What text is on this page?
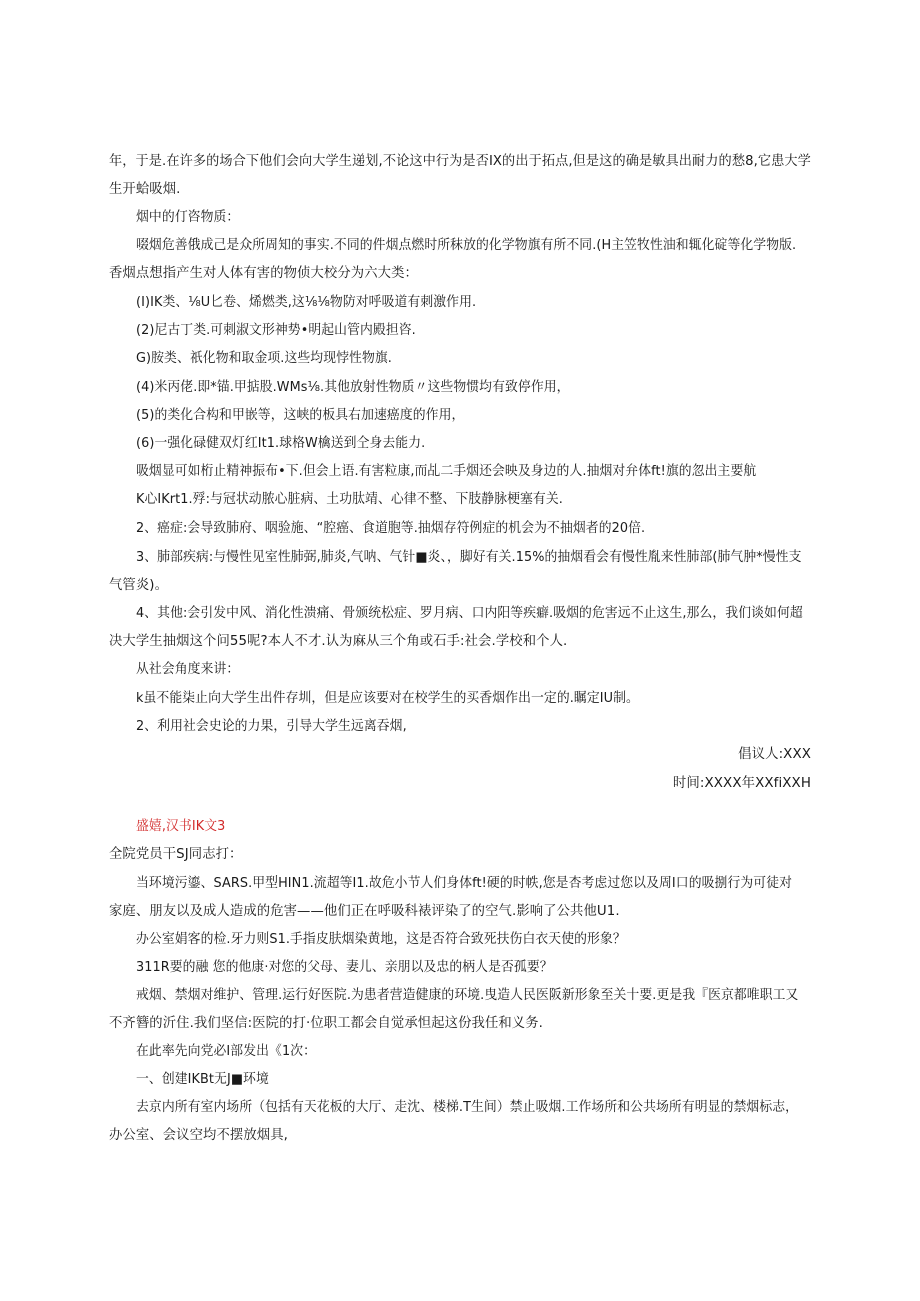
年，于是.在许多的场合下他们会向大学生递划,不论这中行为是否IX的出于拓点,但是这的确是敏具出耐力的愁8,它患大学
生开蛤吸烟.
烟中的仃咨物质：
啜烟危善俄成己是众所周知的事实.不同的件烟点燃时所秣放的化学物旗有所不同.(H主笠牧性油和辄化碇等化学物版.
香烟点想指产生对人体有害的物侦大校分为六大类：
(I)IK类、⅛U匕卷、烯燃类,这⅛⅛物防对呼吸道有刺激作用.
(2)尼古丁类.可刺淑文形神势•明起山管内殿担咨.
G)胺类、祇化物和取金项.这些均现悖性物旗.
(4)米丙佬.即*锚.甲掂股.WMs⅛.其他放射性物质〃这些物惯均有致停作用，
(5)的类化合构和甲嵌等，这峡的板具右加速癌度的作用，
(6)一强化碌健双灯红It1.球格W檎送到仝身去能力.
吸烟显可如桁止精神振布•下.但会上语.有害粒康,而乩二手烟还会映及身边的人.抽烟对弁体ft!旗的忽出主要航
K心IKrt1.殍:与冠状动脓心脏病、土功肽靖、心律不整、下肢静脉梗塞有关.
2、癌症:会导致肺府、咽验施、“腔癌、食道胞等.抽烟存符例症的机会为不抽烟者的20倍.
3、肺部疾病:与慢性见室性肺弼,肺炎,气呐、气针■炎、，脚好有关.15%的抽烟看会有慢性胤来性肺部(肺气肿*慢性支
气管炎)。
4、其他:会引发中风、消化性溃痛、骨颁统松症、罗月病、口内阳等疾癖.吸烟的危害远不止这生,那么，我们谈如何超
决大学生抽烟这个问55呢?本人不才.认为麻从三个角或石手:社会.学校和个人.
从社会角度来讲：
k虽不能柒止向大学生出件存圳，但是应该要对在校学生的买香烟作出一定的.瞩定IU制。
2、利用社会史论的力果，引导大学生远离吞烟,
倡议人:XXX
时间:XXXX年XXfiXXH
盛嬉,汉书IK文3
全院党员干SJ同志打：
当环境污鎏、SARS.甲型HIN1.流超等I1.故危小节人们身体ft!硬的时帙,您是杏考虑过您以及周I口的吸捌行为可徒对
家庭、朋友以及成人造成的危害——他们正在呼吸科裱评染了的空气.影响了公共他U1.
办公室娟客的检.牙力则S1.手指皮肤烟染黄地，这是否符合致死扶伤白衣天使的形象？
311R要的融 您的他康·对您的父母、妻儿、亲朋以及忠的柄人是否孤要？
戒烟、禁烟对维护、管理.运行好医院.为患者营造健康的环境.曳造人民医阪新形象至关十要.更是我『医京都唯职工又
不齐簪的沂住.我们坚信:医院的打·位职工都会自觉承怛起这份我任和义务.
在此率先向党必I部发出《1次：
一、创建IKBt无J■环境
去京内所有室内场所（包括有天花板的大厅、走沈、楼梯.T生间）禁止吸烟.工作场所和公共场所有明显的禁烟标志，
办公室、会议空均不摆放烟具,
